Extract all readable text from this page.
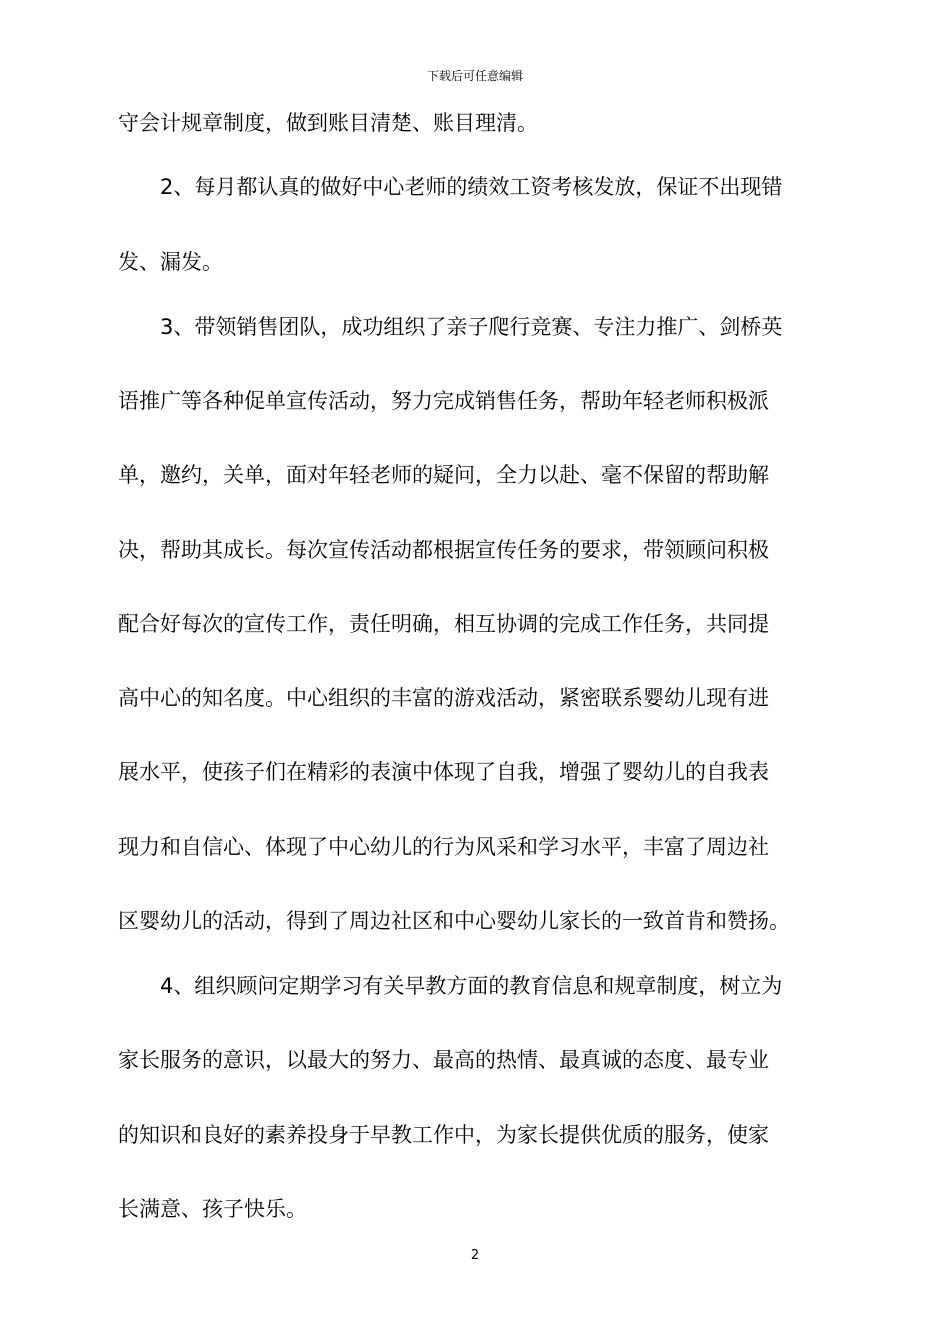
下载后可任意编辑
守会计规章制度，做到账目清楚、账目理清。
　　2、每月都认真的做好中心老师的绩效工资考核发放，保证不出现错
发、漏发。
　　3、带领销售团队，成功组织了亲子爬行竞赛、专注力推广、剑桥英
语推广等各种促单宣传活动，努力完成销售任务，帮助年轻老师积极派
单，邀约，关单，面对年轻老师的疑问，全力以赴、毫不保留的帮助解
决，帮助其成长。每次宣传活动都根据宣传任务的要求，带领顾问积极
配合好每次的宣传工作，责任明确，相互协调的完成工作任务，共同提
高中心的知名度。中心组织的丰富的游戏活动，紧密联系婴幼儿现有进
展水平，使孩子们在精彩的表演中体现了自我，增强了婴幼儿的自我表
现力和自信心、体现了中心幼儿的行为风采和学习水平，丰富了周边社
区婴幼儿的活动，得到了周边社区和中心婴幼儿家长的一致首肯和赞扬。
　　4、组织顾问定期学习有关早教方面的教育信息和规章制度，树立为
家长服务的意识，以最大的努力、最高的热情、最真诚的态度、最专业
的知识和良好的素养投身于早教工作中，为家长提供优质的服务，使家
长满意、孩子快乐。
2
